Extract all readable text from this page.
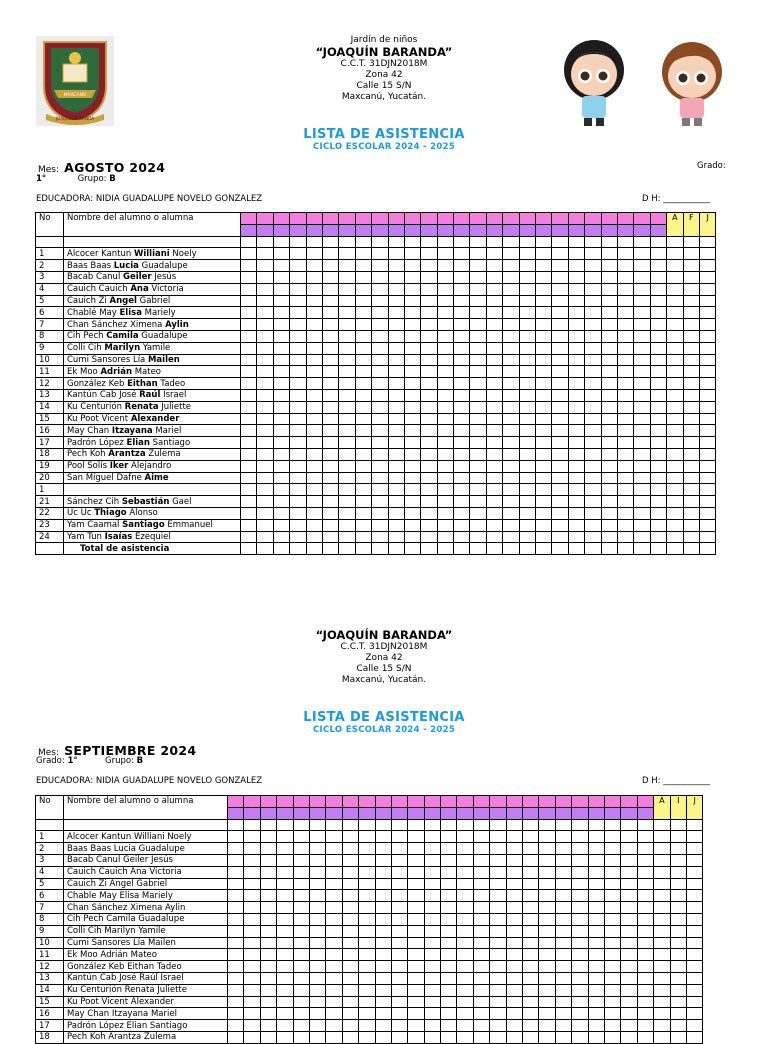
MAXCANÚ
JOAQUÍN BARANDA
Jardín de niños
“JOAQUÍN BARANDA”
C.C.T. 31DJN2018M
Zona 42
Calle 15 S/N
Maxcanú, Yucatán.
LISTA DE ASISTENCIA
CICLO ESCOLAR 2024 - 2025
Mes: AGOSTO 2024	Grado:
1°	Grupo: B
EDUCADORA: NIDIA GUADALUPE NOVELO GONZALEZ	D H: ___________
No	Nombre del alumno o alumna																											A	F	J

1	Alcocer Kantun Williani Noely																													
2	Baas Baas Lucia Guadalupe																													
3	Bacab Canul Geiler Jesús																													
4	Cauich Cauich Ana Victoria																													
5	Cauich Zi Angel Gabriel																													
6	Chablé May Elisa Mariely																													
7	Chan Sánchez Ximena Aylin																													
8	Cih Pech Camila Guadalupe																													
9	Colli Cih Marilyn Yamile																													
10	Cumi Sansores Lía Mailen																													
11	Ek Moo Adrián Mateo																													
12	González Keb Eithan Tadeo																													
13	Kantún Cab José Raúl Israel																													
14	Ku Centurión Renata Juliette																													
15	Ku Poot Vicent Alexander																													
16	May Chan Itzayana Mariel																													
17	Padrón López Elian Santiago																													
18	Pech Koh Arantza Zulema																													
19	Pool Solís Iker Alejandro																													
20	San Miguel Dafne Aime																													
1																														
21	Sánchez Cih Sebastián Gael																													
22	Uc Uc Thiago Alonso																													
23	Yam Caamal Santiago Emmanuel																													
24	Yam Tun Isaías Ezequiel																													
	Total de asistencia																													
“JOAQUÍN BARANDA”
C.C.T. 31DJN2018M
Zona 42
Calle 15 S/N
Maxcanú, Yucatán.
LISTA DE ASISTENCIA
CICLO ESCOLAR 2024 - 2025
Mes: SEPTIEMBRE 2024
Grado: 1°	Grupo: B
EDUCADORA: NIDIA GUADALUPE NOVELO GONZALEZ	D H: ___________
No	Nombre del alumno o alumna																											A	I	J

1	Alcocer Kantun Williani Noely																													
2	Baas Baas Lucia Guadalupe																													
3	Bacab Canul Geiler Jesús																													
4	Cauich Cauich Ana Victoria																													
5	Cauich Zi Angel Gabriel																													
6	Chable May Elisa Mariely																													
7	Chan Sánchez Ximena Aylin																													
8	Cih Pech Camila Guadalupe																													
9	Colli Cih Marilyn Yamile																													
10	Cumi Sansores Lía Mailen																													
11	Ek Moo Adrián Mateo																													
12	González Keb Eithan Tadeo																													
13	Kantún Cab José Raúl Israel																													
14	Ku Centurión Renata Juliette																													
15	Ku Poot Vicent Alexander																													
16	May Chan Itzayana Mariel																													
17	Padrón López Elian Santiago																													
18	Pech Koh Arantza Zulema																													
